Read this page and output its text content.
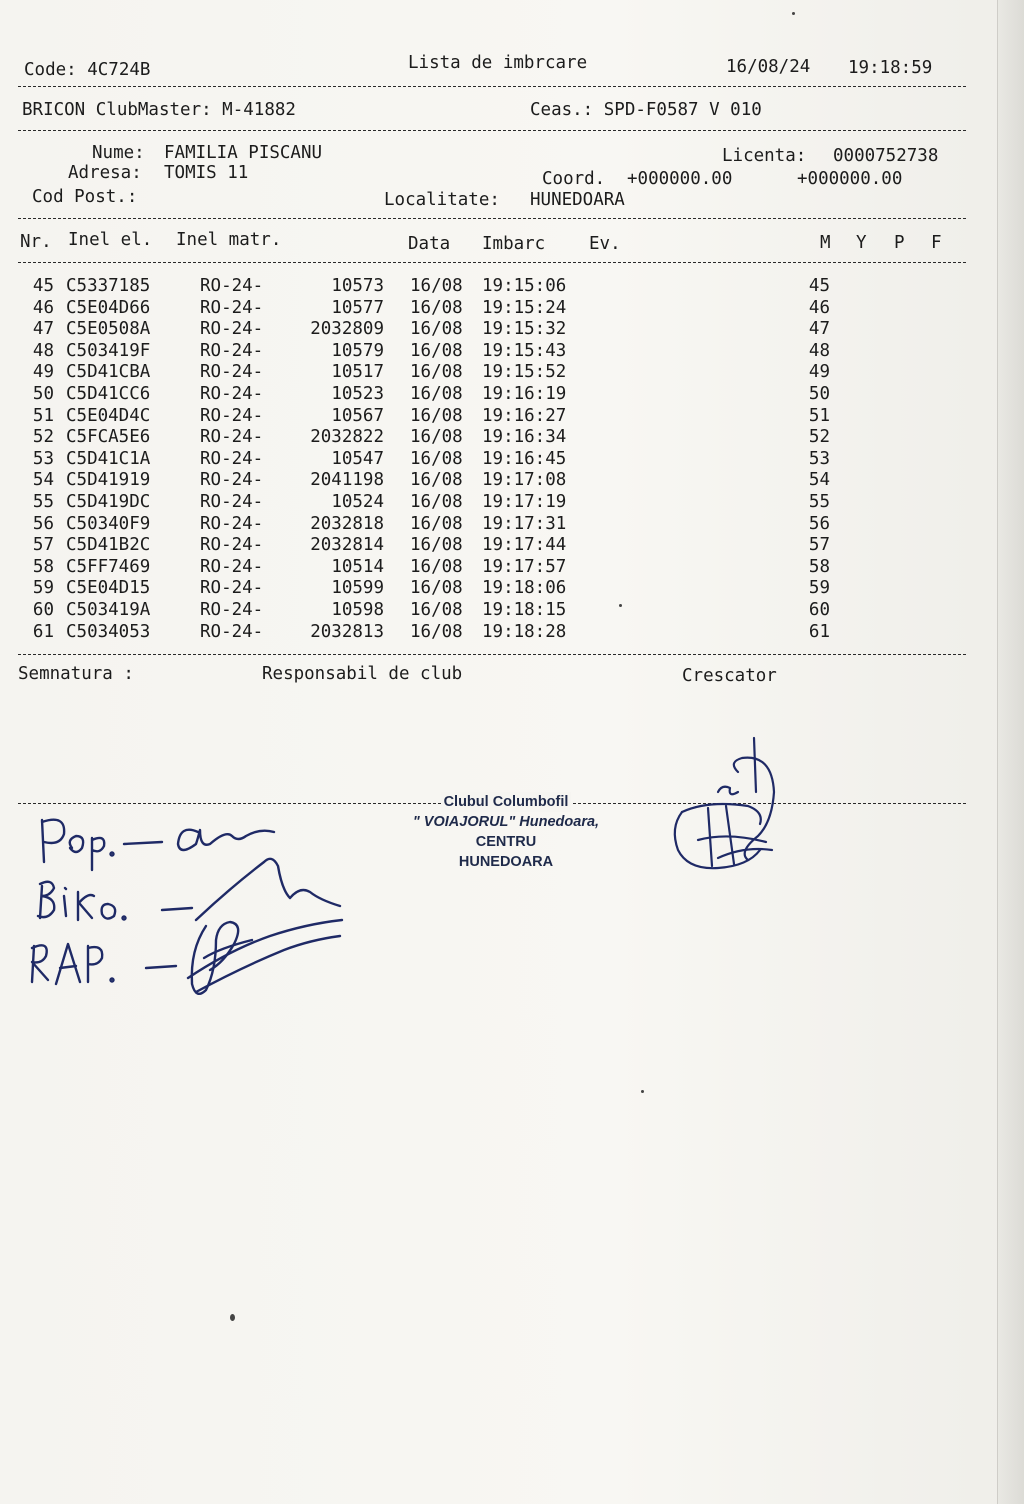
Code: 4C724B	Lista de imbrcare	16/08/24 19:18:59
BRICON ClubMaster: M-41882	Ceas.: SPD-F0587 V 010
Nume: FAMILIA PISCANU	Licenta: 0000752738
Adresa: TOMIS 11	Coord. +000000.00	+000000.00
Cod Post.:	Localitate: HUNEDOARA
Nr. Inel el. Inel matr.	Data Imbarc	Ev.	M Y P F
45 C5337185	RO-24-	10573 16/08	19:15:06	45
46 C5E04D66	RO-24-	10577 16/08	19:15:24	46
47 C5E0508A	RO-24-	2032809 16/08	19:15:32	47
48 C503419F	RO-24-	10579 16/08	19:15:43	48
49 C5D41CBA	RO-24-	10517 16/08	19:15:52	49
50 C5D41CC6	RO-24-	10523 16/08	19:16:19	50
51 C5E04D4C	RO-24-	10567 16/08	19:16:27	51
52 C5FCA5E6	RO-24-	2032822 16/08	19:16:34	52
53 C5D41C1A	RO-24-	10547 16/08	19:16:45	53
54 C5D41919	RO-24-	2041198 16/08	19:17:08	54
55 C5D419DC	RO-24-	10524 16/08	19:17:19	55
56 C50340F9	RO-24-	2032818 16/08	19:17:31	56
57 C5D41B2C	RO-24-	2032814 16/08	19:17:44	57
58 C5FF7469	RO-24-	10514 16/08	19:17:57	58
59 C5E04D15	RO-24-	10599 16/08	19:18:06	59
60 C503419A	RO-24-	10598 16/08	19:18:15	60
61 C5034053	RO-24-	2032813 16/08	19:18:28	61
Semnatura :	Responsabil de club	Crescator
Clubul Columbofil
" VOIAJORUL" Hunedoara,
CENTRU
HUNEDOARA
